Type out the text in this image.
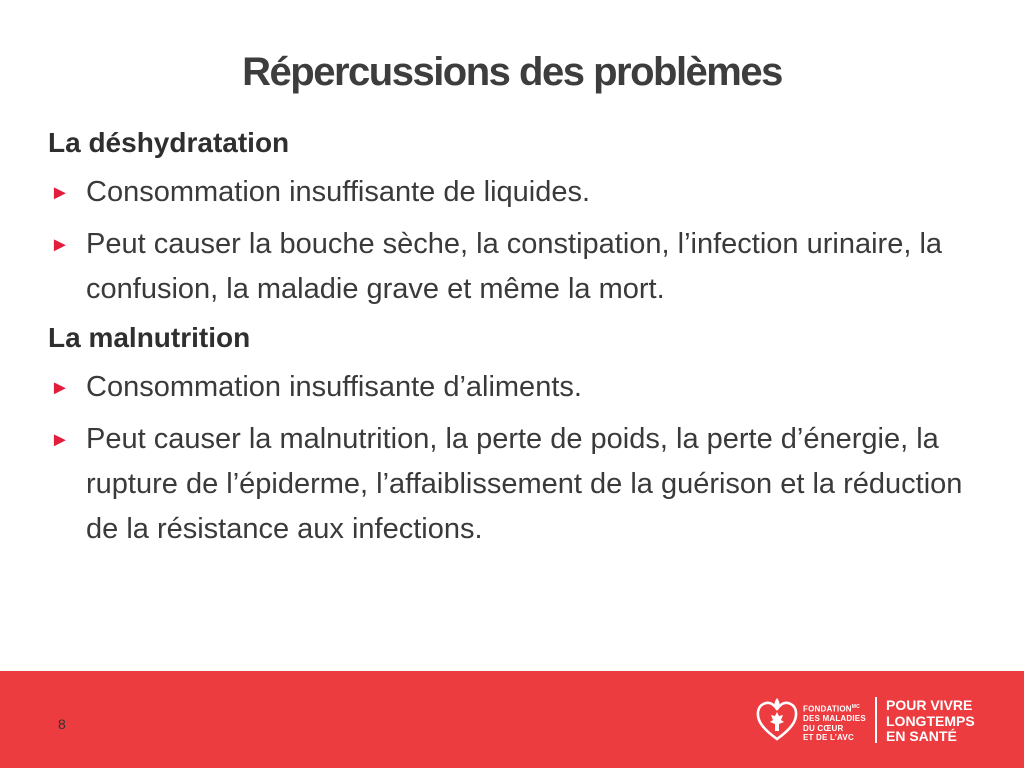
Répercussions des problèmes
La déshydratation
► Consommation insuffisante de liquides.
► Peut causer la bouche sèche, la constipation, l’infection urinaire, la confusion, la maladie grave et même la mort.
La malnutrition
► Consommation insuffisante d’aliments.
► Peut causer la malnutrition, la perte de poids, la perte d’énergie, la rupture de l’épiderme, l’affaiblissement de la guérison et la réduction de la résistance aux infections.
8
$FONDATION^{MC}$
DES MALADIES
DU CŒUR
ET DE L’AVC
POUR VIVRE
LONGTEMPS
EN SANTÉ
